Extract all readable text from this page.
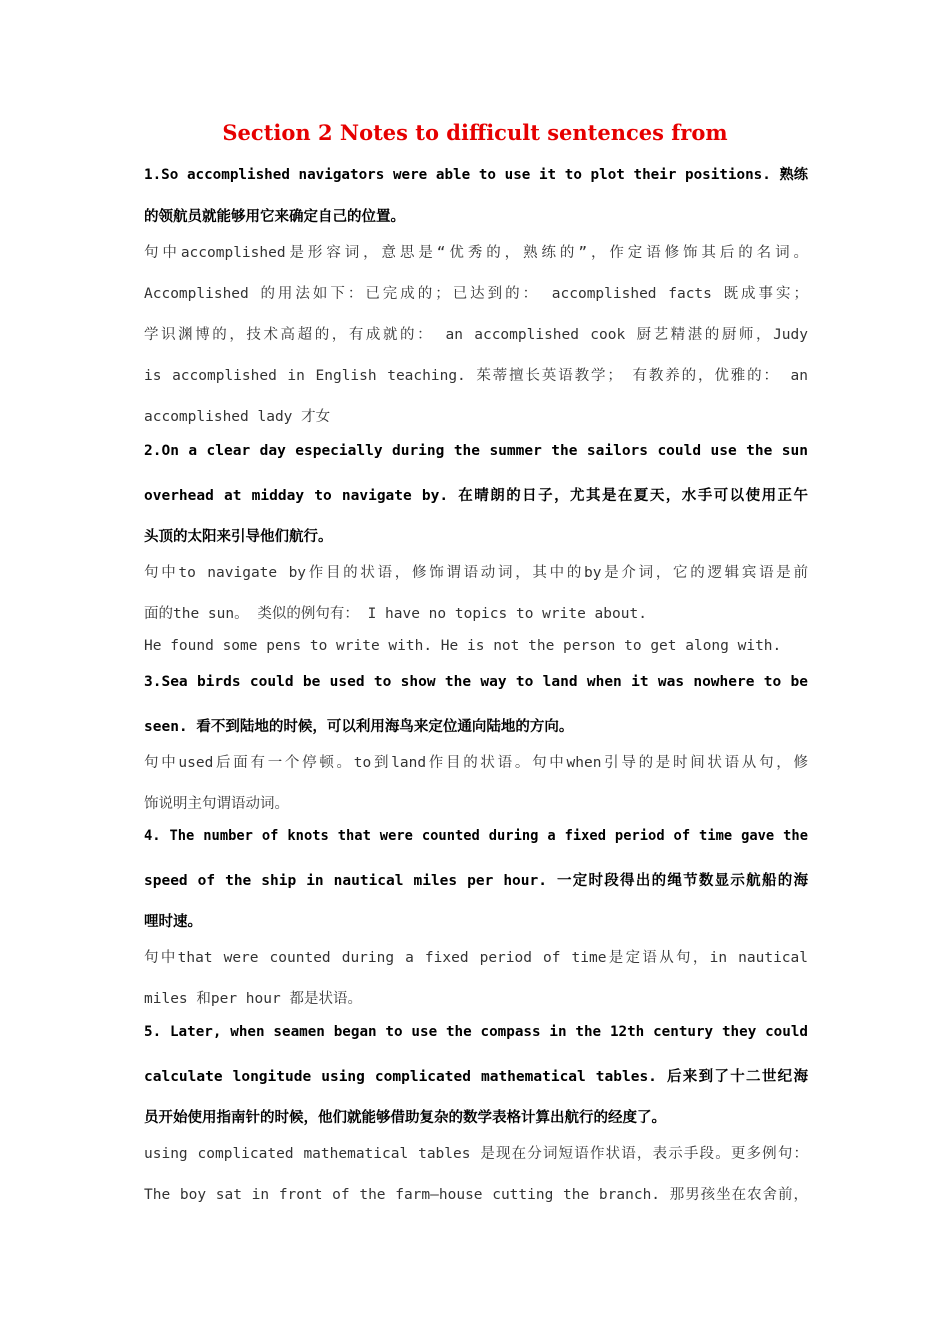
Section 2 Notes to difficult sentences from
1.So accomplished navigators were able to use it to plot their positions. 熟练
的领航员就能够用它来确定自己的位置。
句中accomplished是形容词，意思是“优秀的，熟练的”，作定语修饰其后的名词。
Accomplished 的用法如下：已完成的；已达到的： accomplished facts 既成事实；
学识渊博的，技术高超的，有成就的： an accomplished cook 厨艺精湛的厨师，Judy
is accomplished in English teaching. 茱蒂擅长英语教学； 有教养的，优雅的： an
accomplished lady 才女
2.On a clear day especially during the summer the sailors could use the sun
overhead at midday to navigate by. 在晴朗的日子，尤其是在夏天，水手可以使用正午
头顶的太阳来引导他们航行。
句中to navigate by作目的状语，修饰谓语动词，其中的by是介词，它的逻辑宾语是前
面的the sun。 类似的例句有： I have no topics to write about.
He found some pens to write with. He is not the person to get along with.
3.Sea birds could be used to show the way to land when it was nowhere to be
seen. 看不到陆地的时候，可以利用海鸟来定位通向陆地的方向。
句中used后面有一个停顿。to到land作目的状语。句中when引导的是时间状语从句，修
饰说明主句谓语动词。
4. The number of knots that were counted during a fixed period of time gave the
speed of the ship in nautical miles per hour. 一定时段得出的绳节数显示航船的海
哩时速。
句中that were counted during a fixed period of time是定语从句，in nautical
miles 和per hour 都是状语。
5. Later, when seamen began to use the compass in the 12th century they could
calculate longitude using complicated mathematical tables. 后来到了十二世纪海
员开始使用指南针的时候，他们就能够借助复杂的数学表格计算出航行的经度了。
using complicated mathematical tables 是现在分词短语作状语，表示手段。更多例句：
The boy sat in front of the farm—house cutting the branch. 那男孩坐在农舍前，
